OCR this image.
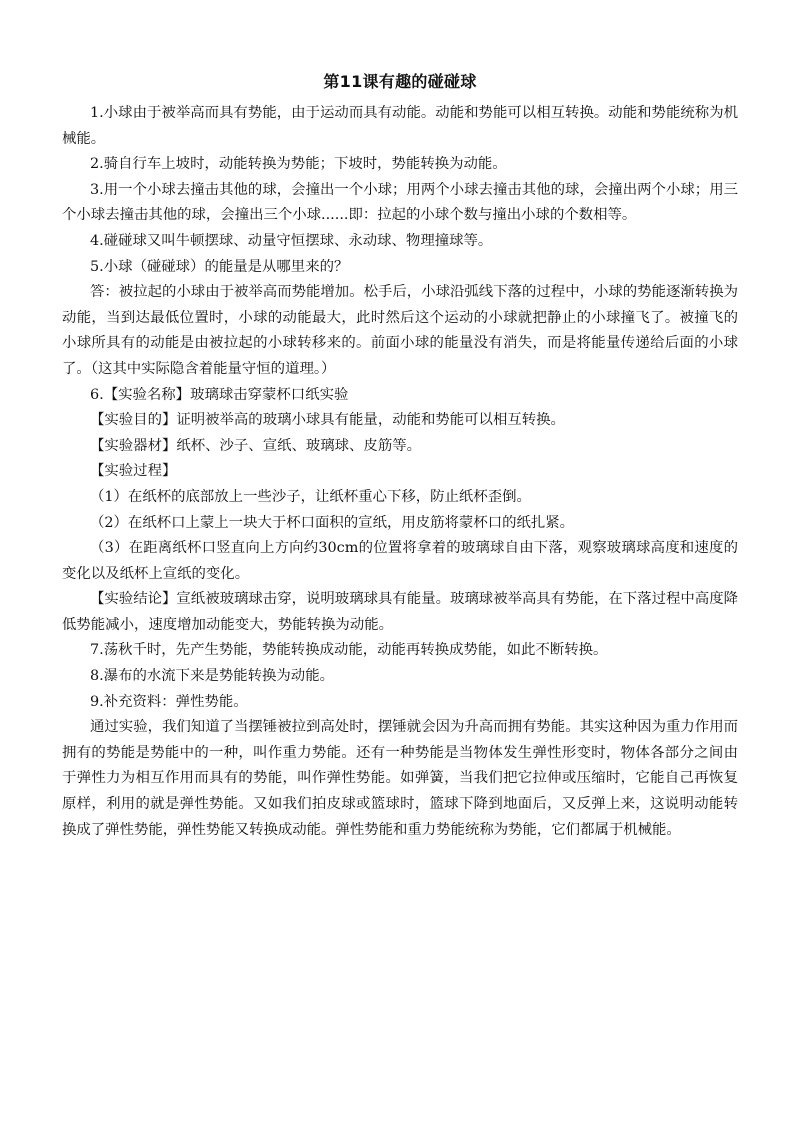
第11课有趣的碰碰球

1.小球由于被举高而具有势能，由于运动而具有动能。动能和势能可以相互转换。动能和势能统称为机械能。

2.骑自行车上坡时，动能转换为势能；下坡时，势能转换为动能。

3.用一个小球去撞击其他的球，会撞出一个小球；用两个小球去撞击其他的球，会撞出两个小球；用三个小球去撞击其他的球，会撞出三个小球......即：拉起的小球个数与撞出小球的个数相等。

4.碰碰球又叫牛顿摆球、动量守恒摆球、永动球、物理撞球等。

5.小球（碰碰球）的能量是从哪里来的？

答：被拉起的小球由于被举高而势能增加。松手后，小球沿弧线下落的过程中，小球的势能逐渐转换为动能，当到达最低位置时，小球的动能最大，此时然后这个运动的小球就把静止的小球撞飞了。被撞飞的小球所具有的动能是由被拉起的小球转移来的。前面小球的能量没有消失，而是将能量传递给后面的小球了。（这其中实际隐含着能量守恒的道理。）

6.【实验名称】玻璃球击穿蒙杯口纸实验

【实验目的】证明被举高的玻璃小球具有能量，动能和势能可以相互转换。

【实验器材】纸杯、沙子、宣纸、玻璃球、皮筋等。

【实验过程】

（1）在纸杯的底部放上一些沙子，让纸杯重心下移，防止纸杯歪倒。

（2）在纸杯口上蒙上一块大于杯口面积的宣纸，用皮筋将蒙杯口的纸扎紧。

（3）在距离纸杯口竖直向上方向约30cm的位置将拿着的玻璃球自由下落，观察玻璃球高度和速度的变化以及纸杯上宣纸的变化。

【实验结论】宣纸被玻璃球击穿，说明玻璃球具有能量。玻璃球被举高具有势能，在下落过程中高度降低势能减小，速度增加动能变大，势能转换为动能。

7.荡秋千时，先产生势能，势能转换成动能，动能再转换成势能，如此不断转换。

8.瀑布的水流下来是势能转换为动能。

9.补充资料：弹性势能。

通过实验，我们知道了当摆锤被拉到高处时，摆锤就会因为升高而拥有势能。其实这种因为重力作用而拥有的势能是势能中的一种，叫作重力势能。还有一种势能是当物体发生弹性形变时，物体各部分之间由于弹性力为相互作用而具有的势能，叫作弹性势能。如弹簧，当我们把它拉伸或压缩时，它能自己再恢复原样，利用的就是弹性势能。又如我们拍皮球或篮球时，篮球下降到地面后，又反弹上来，这说明动能转换成了弹性势能，弹性势能又转换成动能。弹性势能和重力势能统称为势能，它们都属于机械能。
